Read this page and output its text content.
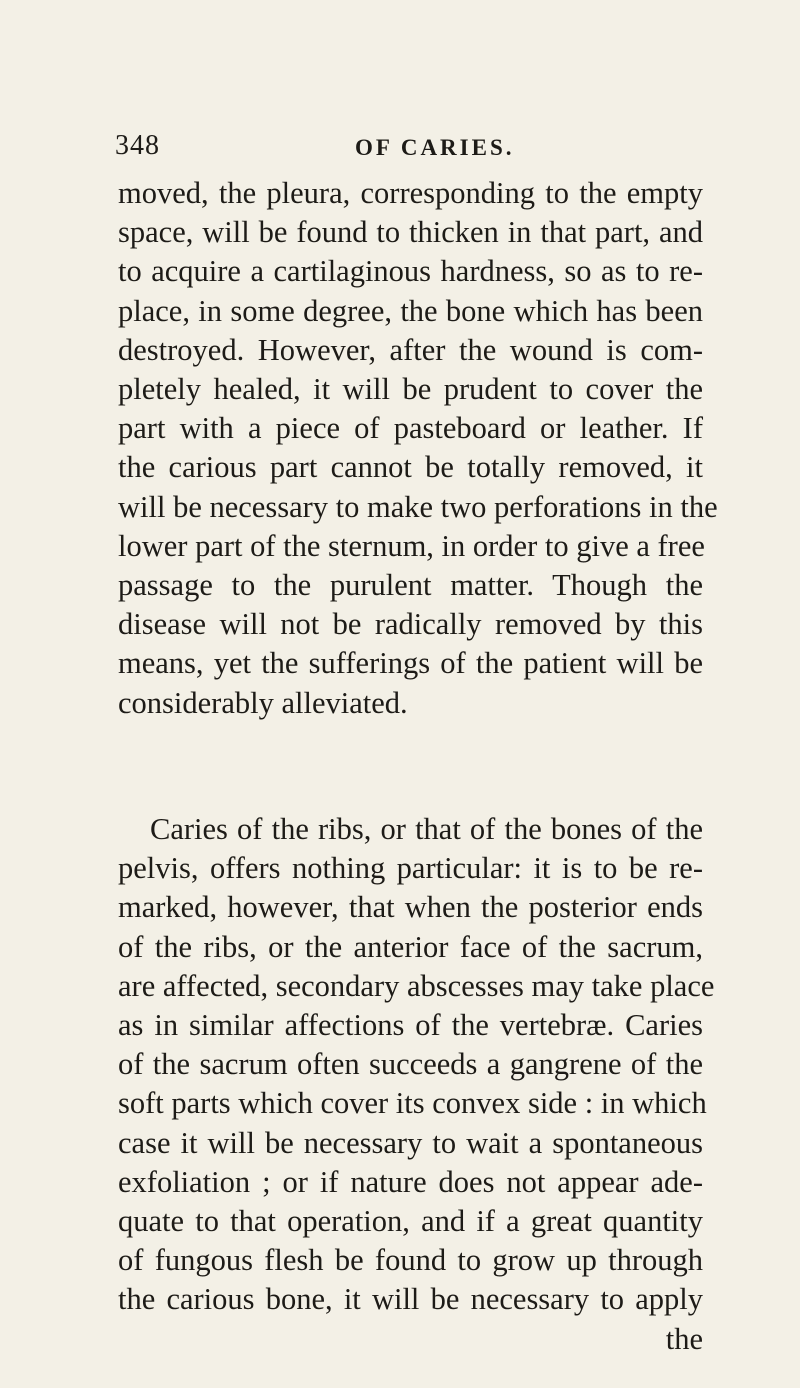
348	OF CARIES.
moved, the pleura, corresponding to the empty
space, will be found to thicken in that part, and
to acquire a cartilaginous hardness, so as to re-
place, in some degree, the bone which has been
destroyed. However, after the wound is com-
pletely healed, it will be prudent to cover the
part with a piece of pasteboard or leather. If
the carious part cannot be totally removed, it
will be necessary to make two perforations in the
lower part of the sternum, in order to give a free
passage to the purulent matter. Though the
disease will not be radically removed by this
means, yet the sufferings of the patient will be
considerably alleviated.
Caries of the ribs, or that of the bones of the
pelvis, offers nothing particular: it is to be re-
marked, however, that when the posterior ends
of the ribs, or the anterior face of the sacrum,
are affected, secondary abscesses may take place
as in similar affections of the vertebræ. Caries
of the sacrum often succeeds a gangrene of the
soft parts which cover its convex side : in which
case it will be necessary to wait a spontaneous
exfoliation ; or if nature does not appear ade-
quate to that operation, and if a great quantity
of fungous flesh be found to grow up through
the carious bone, it will be necessary to apply
the
